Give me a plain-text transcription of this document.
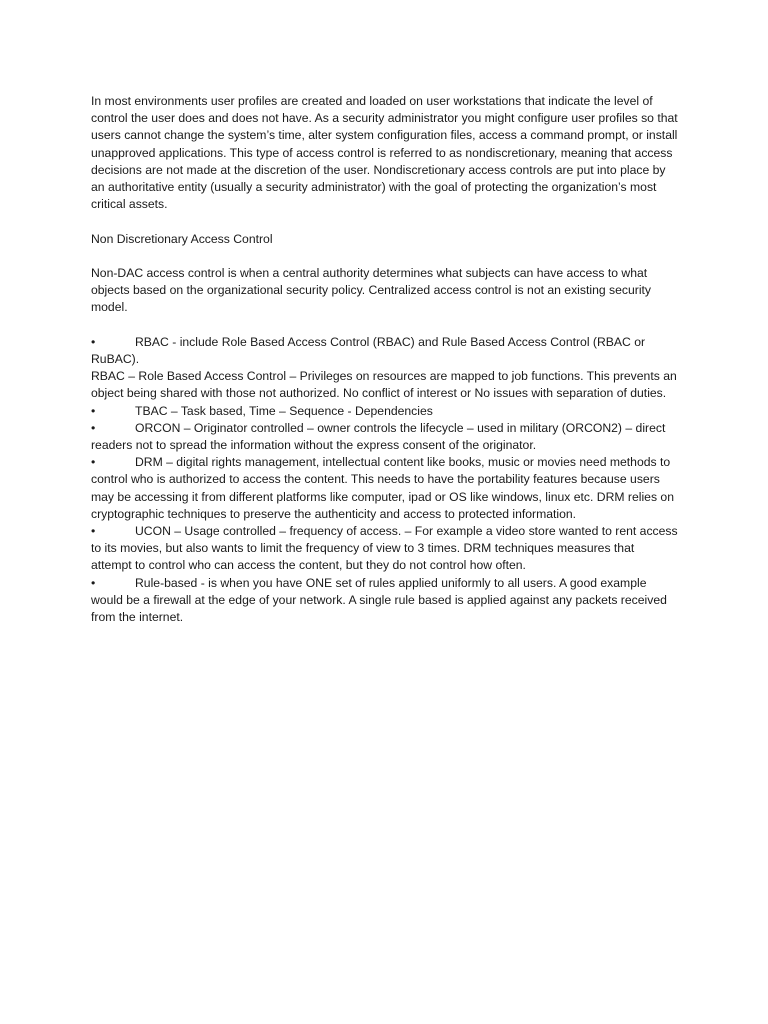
In most environments user profiles are created and loaded on user workstations that indicate the level of control the user does and does not have. As a security administrator you might configure user profiles so that users cannot change the system’s time, alter system configuration files, access a command prompt, or install unapproved applications. This type of access control is referred to as nondiscretionary, meaning that access decisions are not made at the discretion of the user. Nondiscretionary access controls are put into place by an authoritative entity (usually a security administrator) with the goal of protecting the organization’s most critical assets.

Non Discretionary Access Control

Non-DAC access control is when a central authority determines what subjects can have access to what objects based on the organizational security policy. Centralized access control is not an existing security model.

•	RBAC - include Role Based Access Control (RBAC) and Rule Based Access Control (RBAC or RuBAC).

RBAC – Role Based Access Control – Privileges on resources are mapped to job functions. This prevents an object being shared with those not authorized. No conflict of interest or No issues with separation of duties.

•	TBAC – Task based, Time – Sequence - Dependencies

•	ORCON – Originator controlled – owner controls the lifecycle – used in military (ORCON2) – direct readers not to spread the information without the express consent of the originator.

•	DRM – digital rights management, intellectual content like books, music or movies need methods to control who is authorized to access the content. This needs to have the portability features because users may be accessing it from different platforms like computer, ipad or OS like windows, linux etc. DRM relies on cryptographic techniques to preserve the authenticity and access to protected information.

•	UCON – Usage controlled – frequency of access. – For example a video store wanted to rent access to its movies, but also wants to limit the frequency of view to 3 times. DRM techniques measures that attempt to control who can access the content, but they do not control how often.

•	Rule-based - is when you have ONE set of rules applied uniformly to all users. A good example would be a firewall at the edge of your network. A single rule based is applied against any packets received from the internet.
